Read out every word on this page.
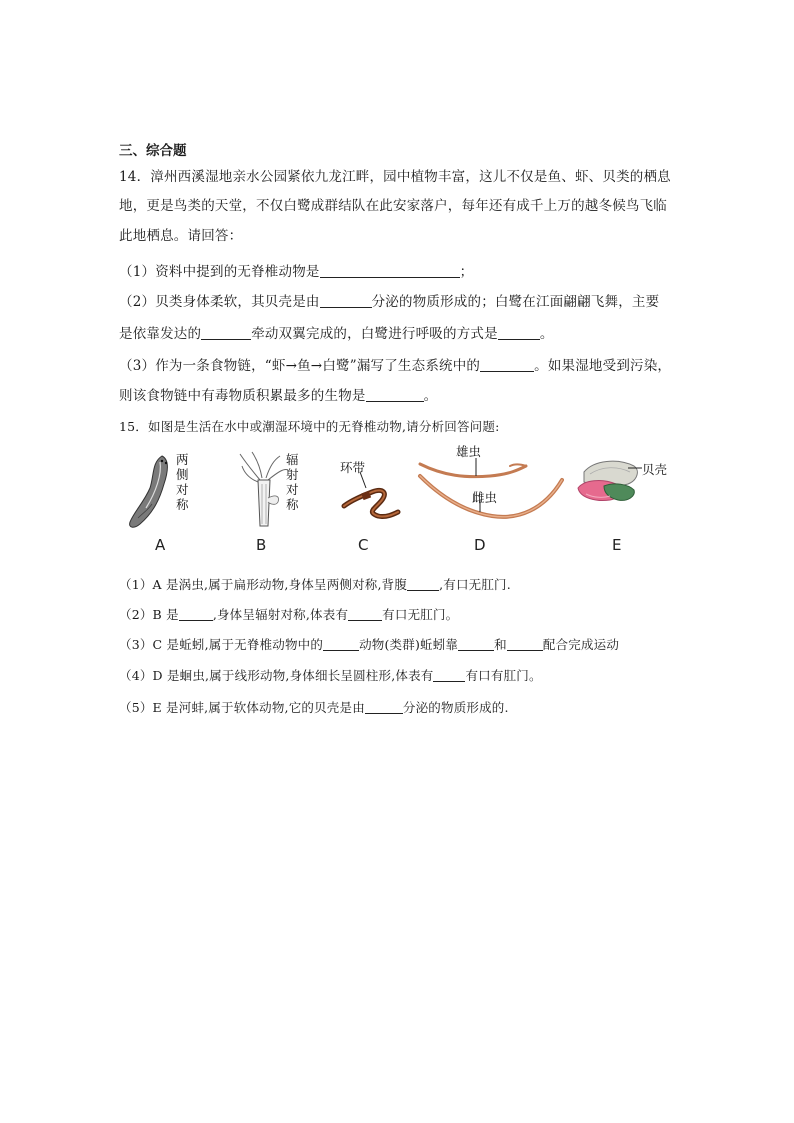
三、综合题
14．漳州西溪湿地亲水公园紧依九龙江畔，园中植物丰富，这儿不仅是鱼、虾、贝类的栖息
地，更是鸟类的天堂，不仅白鹭成群结队在此安家落户，每年还有成千上万的越冬候鸟飞临
此地栖息。请回答：
（1）资料中提到的无脊椎动物是	；
（2）贝类身体柔软，其贝壳是由	分泌的物质形成的；白鹭在江面翩翩飞舞，主要
是依靠发达的	牵动双翼完成的，白鹭进行呼吸的方式是	。
（3）作为一条食物链，“虾→鱼→白鹭”漏写了生态系统中的	。如果湿地受到污染，
则该食物链中有毒物质积累最多的生物是	。
15．如图是生活在水中或潮湿环境中的无脊椎动物,请分析回答问题:
两侧对称
A
辐射对称
B
环带
C
雄虫
雌虫
D
贝壳
E
（1）A 是涡虫,属于扁形动物,身体呈两侧对称,背腹	,有口无肛门.
（2）B 是	,身体呈辐射对称,体表有	有口无肛门。
（3）C 是蚯蚓,属于无脊椎动物中的	动物(类群)蚯蚓靠	和	配合完成运动
（4）D 是蛔虫,属于线形动物,身体细长呈圆柱形,体表有	有口有肛门。
（5）E 是河蚌,属于软体动物,它的贝壳是由	分泌的物质形成的.
